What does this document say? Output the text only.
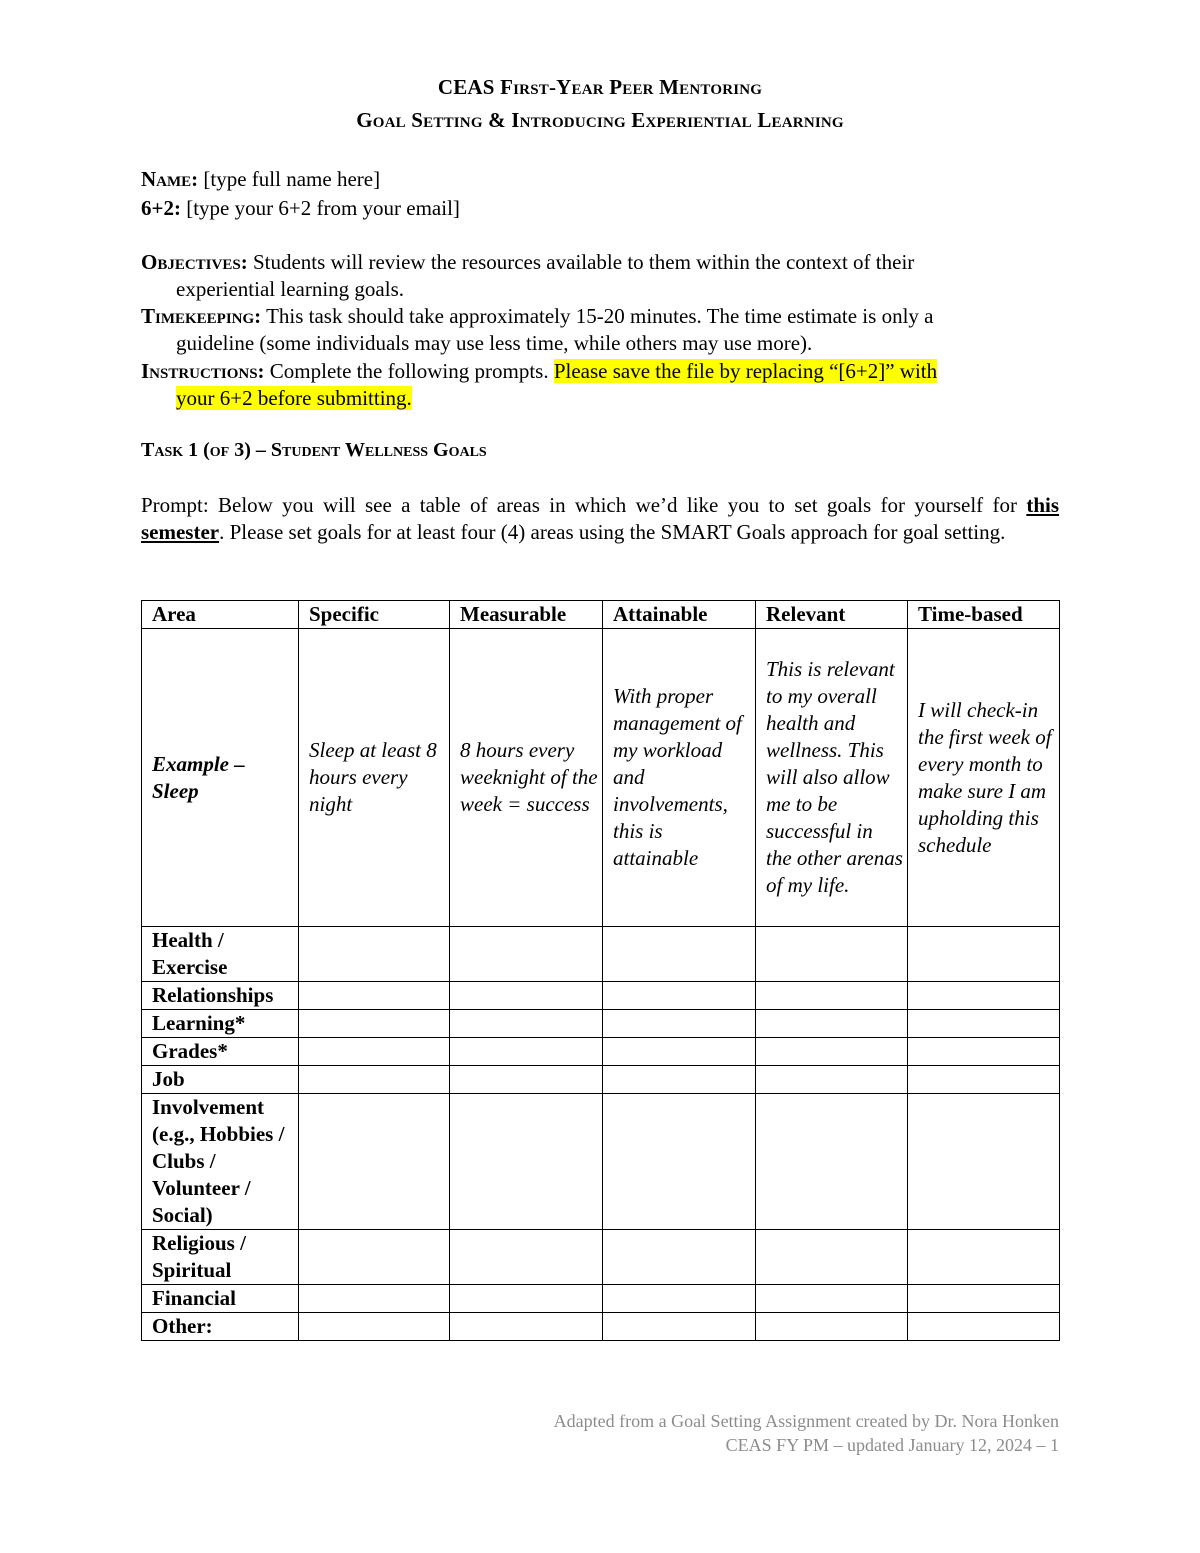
CEAS First-Year Peer Mentoring
Goal Setting & Introducing Experiential Learning
Name: [type full name here]
6+2: [type your 6+2 from your email]
Objectives: Students will review the resources available to them within the context of their
experiential learning goals.
Timekeeping: This task should take approximately 15-20 minutes. The time estimate is only a
guideline (some individuals may use less time, while others may use more).
Instructions: Complete the following prompts. Please save the file by replacing “[6+2]” with
your 6+2 before submitting.
Task 1 (of 3) – Student Wellness Goals
Prompt: Below you will see a table of areas in which we’d like you to set goals for yourself for this semester. Please set goals for at least four (4) areas using the SMART Goals approach for goal setting.
Area	Specific	Measurable	Attainable	Relevant	Time-based
Example – Sleep	Sleep at least 8 hours every night	8 hours every weeknight of the week = success	With proper management of my workload and involvements, this is attainable	This is relevant to my overall health and wellness. This will also allow me to be successful in the other arenas of my life.	I will check-in the first week of every month to make sure I am upholding this schedule
Health / Exercise					
Relationships					
Learning*					
Grades*					
Job					
Involvement (e.g., Hobbies / Clubs / Volunteer / Social)					
Religious / Spiritual					
Financial					
Other:					
Adapted from a Goal Setting Assignment created by Dr. Nora Honken
CEAS FY PM – updated January 12, 2024 – 1
